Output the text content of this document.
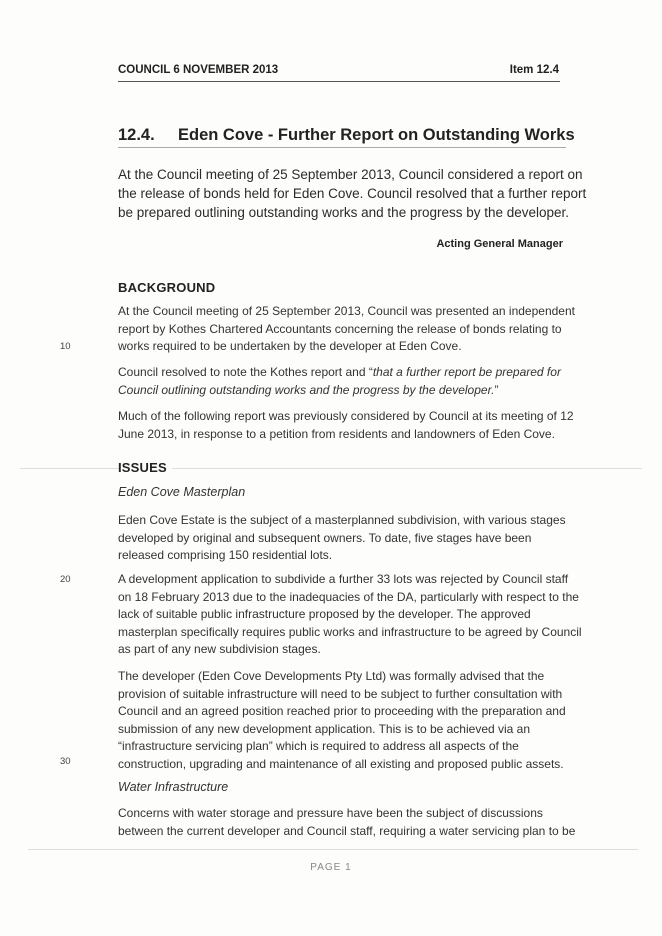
COUNCIL 6 NOVEMBER 2013	Item 12.4
12.4. Eden Cove - Further Report on Outstanding Works
At the Council meeting of 25 September 2013, Council considered a report on
the release of bonds held for Eden Cove. Council resolved that a further report
be prepared outlining outstanding works and the progress by the developer.
Acting General Manager
BACKGROUND
At the Council meeting of 25 September 2013, Council was presented an independent
report by Kothes Chartered Accountants concerning the release of bonds relating to
works required to be undertaken by the developer at Eden Cove.
10
Council resolved to note the Kothes report and “that a further report be prepared for
Council outlining outstanding works and the progress by the developer.”
Much of the following report was previously considered by Council at its meeting of 12
June 2013, in response to a petition from residents and landowners of Eden Cove.
ISSUES
Eden Cove Masterplan
Eden Cove Estate is the subject of a masterplanned subdivision, with various stages
developed by original and subsequent owners. To date, five stages have been
released comprising 150 residential lots.
20	A development application to subdivide a further 33 lots was rejected by Council staff
on 18 February 2013 due to the inadequacies of the DA, particularly with respect to the
lack of suitable public infrastructure proposed by the developer. The approved
masterplan specifically requires public works and infrastructure to be agreed by Council
as part of any new subdivision stages.
The developer (Eden Cove Developments Pty Ltd) was formally advised that the
provision of suitable infrastructure will need to be subject to further consultation with
Council and an agreed position reached prior to proceeding with the preparation and
submission of any new development application. This is to be achieved via an
“infrastructure servicing plan” which is required to address all aspects of the
construction, upgrading and maintenance of all existing and proposed public assets.
30
Water Infrastructure
Concerns with water storage and pressure have been the subject of discussions
between the current developer and Council staff, requiring a water servicing plan to be
PAGE 1
